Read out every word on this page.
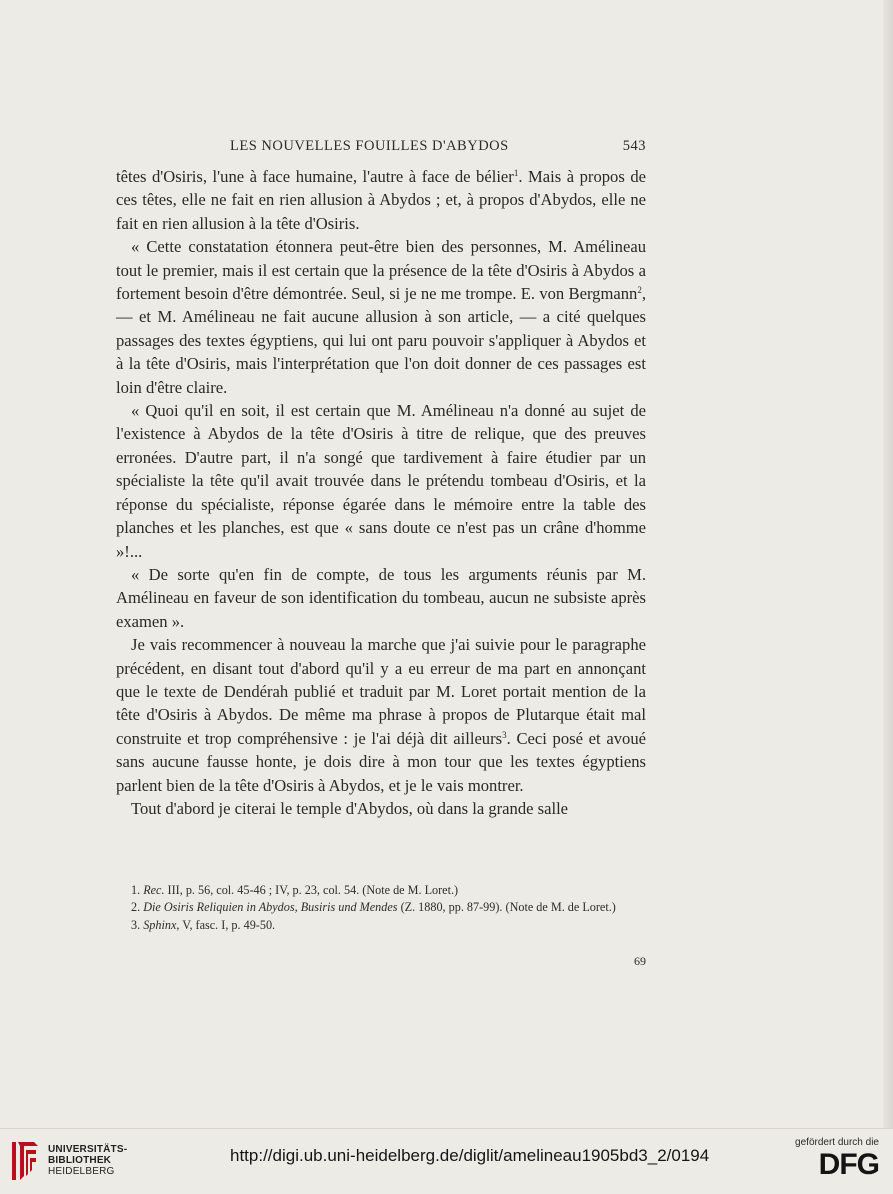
LES NOUVELLES FOUILLES D'ABYDOS	543

têtes d'Osiris, l'une à face humaine, l'autre à face de bélier$^1$. Mais à propos de ces têtes, elle ne fait en rien allusion à Abydos ; et, à propos d'Abydos, elle ne fait en rien allusion à la tête d'Osiris.

« Cette constatation étonnera peut-être bien des personnes, M. Amélineau tout le premier, mais il est certain que la présence de la tête d'Osiris à Abydos a fortement besoin d'être démontrée. Seul, si je ne me trompe. E. von Bergmann$^2$, — et M. Amélineau ne fait aucune allusion à son article, — a cité quelques passages des textes égyptiens, qui lui ont paru pouvoir s'appliquer à Abydos et à la tête d'Osiris, mais l'interprétation que l'on doit donner de ces passages est loin d'être claire.

« Quoi qu'il en soit, il est certain que M. Amélineau n'a donné au sujet de l'existence à Abydos de la tête d'Osiris à titre de relique, que des preuves erronées. D'autre part, il n'a songé que tardivement à faire étudier par un spécialiste la tête qu'il avait trouvée dans le prétendu tombeau d'Osiris, et la réponse du spécialiste, réponse égarée dans le mémoire entre la table des planches et les planches, est que « sans doute ce n'est pas un crâne d'homme »!...

« De sorte qu'en fin de compte, de tous les arguments réunis par M. Amélineau en faveur de son identification du tombeau, aucun ne subsiste après examen ».

Je vais recommencer à nouveau la marche que j'ai suivie pour le paragraphe précédent, en disant tout d'abord qu'il y a eu erreur de ma part en annonçant que le texte de Dendérah publié et traduit par M. Loret portait mention de la tête d'Osiris à Abydos. De même ma phrase à propos de Plutarque était mal construite et trop compréhensive : je l'ai déjà dit ailleurs$^3$. Ceci posé et avoué sans aucune fausse honte, je dois dire à mon tour que les textes égyptiens parlent bien de la tête d'Osiris à Abydos, et je le vais montrer.

Tout d'abord je citerai le temple d'Abydos, où dans la grande salle

1. Rec. III, p. 56, col. 45-46 ; IV, p. 23, col. 54. (Note de M. Loret.)

2. Die Osiris Reliquien in Abydos, Busiris und Mendes (Z. 1880, pp. 87-99). (Note de M. de Loret.)

3. Sphinx, V, fasc. I, p. 49-50.

69
UNIVERSITÄTS-
BIBLIOTHEK
HEIDELBERG
http://digi.ub.uni-heidelberg.de/diglit/amelineau1905bd3_2/0194
gefördert durch die
DFG
